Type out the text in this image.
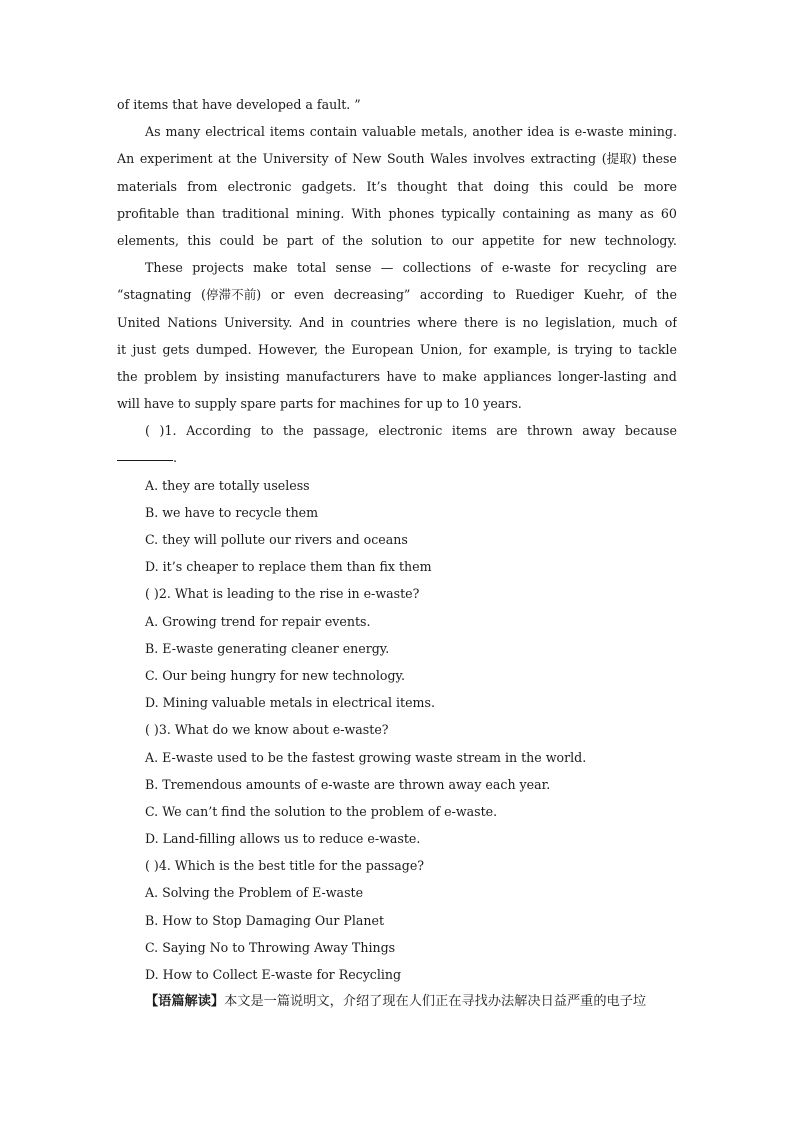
of items that have developed a fault. ”
As many electrical items contain valuable metals, another idea is e-waste mining.
An experiment at the University of New South Wales involves extracting (提取) these
materials from electronic gadgets. It’s thought that doing this could be more
profitable than traditional mining. With phones typically containing as many as 60
elements, this could be part of the solution to our appetite for new technology.
These projects make total sense — collections of e-waste for recycling are
“stagnating (停滞不前) or even decreasing” according to Ruediger Kuehr, of the
United Nations University. And in countries where there is no legislation, much of
it just gets dumped. However, the European Union, for example, is trying to tackle
the problem by insisting manufacturers have to make appliances longer-lasting and
will have to supply spare parts for machines for up to 10 years.
( )1. According to the passage, electronic items are thrown away because
.
A. they are totally useless
B. we have to recycle them
C. they will pollute our rivers and oceans
D. it’s cheaper to replace them than fix them
( )2. What is leading to the rise in e-waste?
A. Growing trend for repair events.
B. E-waste generating cleaner energy.
C. Our being hungry for new technology.
D. Mining valuable metals in electrical items.
( )3. What do we know about e-waste?
A. E-waste used to be the fastest growing waste stream in the world.
B. Tremendous amounts of e-waste are thrown away each year.
C. We can’t find the solution to the problem of e-waste.
D. Land-filling allows us to reduce e-waste.
( )4. Which is the best title for the passage?
A. Solving the Problem of E-waste
B. How to Stop Damaging Our Planet
C. Saying No to Throwing Away Things
D. How to Collect E-waste for Recycling
【语篇解读】本文是一篇说明文，介绍了现在人们正在寻找办法解决日益严重的电子垃
